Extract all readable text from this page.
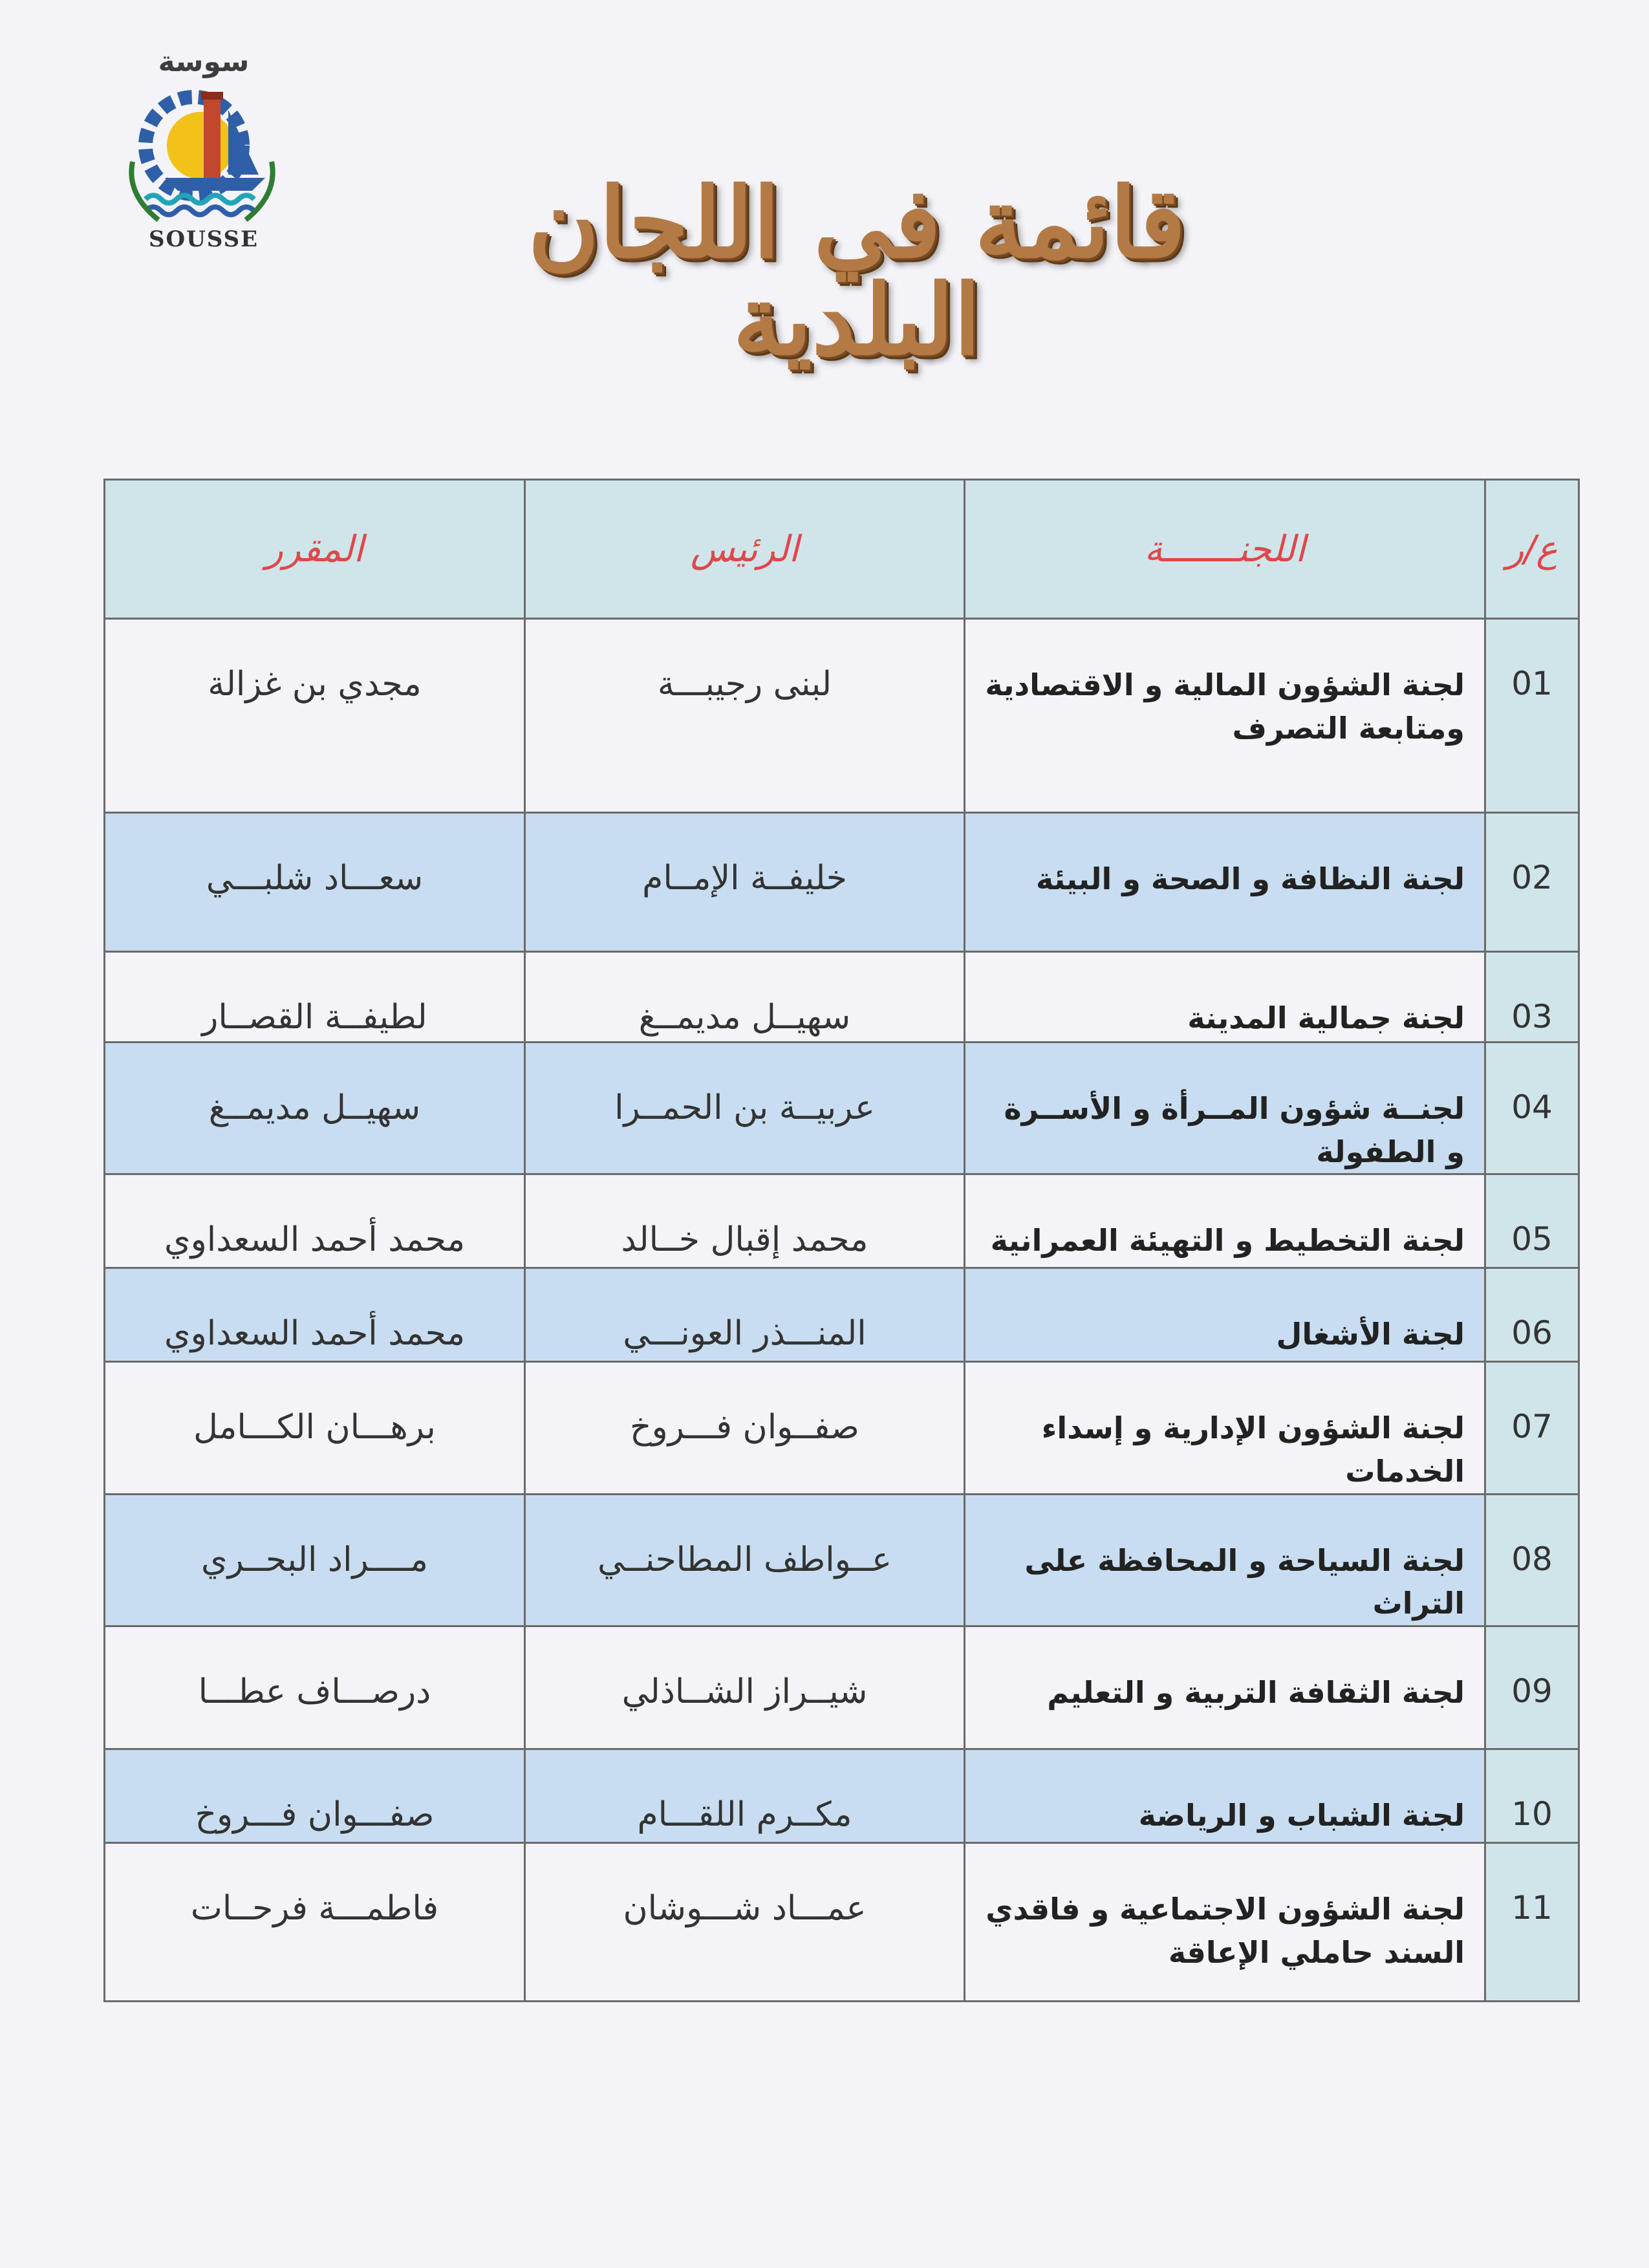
سوسة
SOUSSE	قائمة في اللجان البلدية
ع/ر	اللجنـــــــة	الرئيس	المقرر
01	لجنة الشؤون المالية و الاقتصادية ومتابعة التصرف	لبنى رجيبـــة	مجدي بن غزالة
02	لجنة النظافة و الصحة و البيئة	خليفــة الإمــام	سعـــاد شلبـــي
03	لجنة جمالية المدينة	سهيــل مديمــغ	لطيفــة القصــار
04	لجنــة شؤون المــرأة و الأســرة و الطفولة	عربيــة بن الحمــرا	سهيــل مديمــغ
05	لجنة التخطيط و التهيئة العمرانية	محمد إقبال خــالد	محمد أحمد السعداوي
06	لجنة الأشغال	المنـــذر العونـــي	محمد أحمد السعداوي
07	لجنة الشؤون الإدارية و إسداء الخدمات	صفــوان فـــروخ	برهـــان الكـــامل
08	لجنة السياحة و المحافظة على التراث	عــواطف المطاحنــي	مــــراد البحــري
09	لجنة الثقافة التربية و التعليم	شيــراز الشــاذلي	درصـــاف عطـــا
10	لجنة الشباب و الرياضة	مكــرم اللقـــام	صفـــوان فـــروخ
11	لجنة الشؤون الاجتماعية و فاقدي السند حاملي الإعاقة	عمـــاد شـــوشان	فاطمـــة فرحــات
